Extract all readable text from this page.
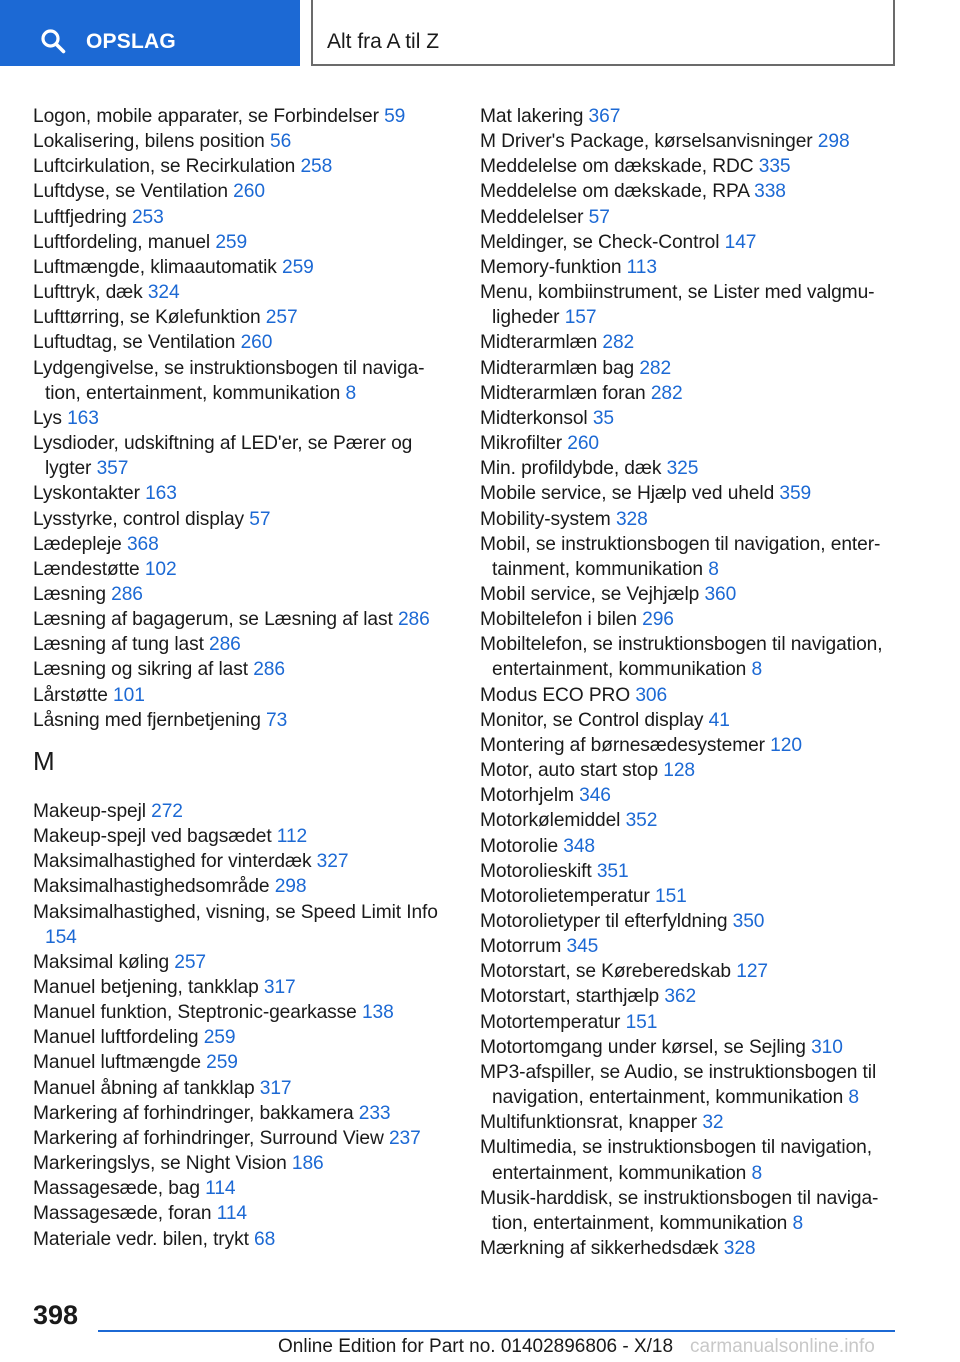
OPSLAG	Alt fra A til Z
Logon, mobile apparater, se Forbindelser 59
Lokalisering, bilens position 56
Luftcirkulation, se Recirkulation 258
Luftdyse, se Ventilation 260
Luftfjedring 253
Luftfordeling, manuel 259
Luftmængde, klimaautomatik 259
Lufttryk, dæk 324
Lufttørring, se Kølefunktion 257
Luftudtag, se Ventilation 260
Lydgengivelse, se instruktionsbogen til naviga‐tion, entertainment, kommunikation 8
Lys 163
Lysdioder, udskiftning af LED'er, se Pærer og lygter 357
Lyskontakter 163
Lysstyrke, control display 57
Lædepleje 368
Lændestøtte 102
Læsning 286
Læsning af bagagerum, se Læsning af last 286
Læsning af tung last 286
Læsning og sikring af last 286
Lårstøtte 101
Låsning med fjernbetjening 73
M
Makeup-spejl 272
Makeup-spejl ved bagsædet 112
Maksimalhastighed for vinterdæk 327
Maksimalhastighedsområde 298
Maksimalhastighed, visning, se Speed Limit Info 154
Maksimal køling 257
Manuel betjening, tankklap 317
Manuel funktion, Steptronic-gearkasse 138
Manuel luftfordeling 259
Manuel luftmængde 259
Manuel åbning af tankklap 317
Markering af forhindringer, bakkamera 233
Markering af forhindringer, Surround View 237
Markeringslys, se Night Vision 186
Massagesæde, bag 114
Massagesæde, foran 114
Materiale vedr. bilen, trykt 68
Mat lakering 367
M Driver's Package, kørselsanvisninger 298
Meddelelse om dækskade, RDC 335
Meddelelse om dækskade, RPA 338
Meddelelser 57
Meldinger, se Check-Control 147
Memory-funktion 113
Menu, kombiinstrument, se Lister med valgmu‐ligheder 157
Midterarmlæn 282
Midterarmlæn bag 282
Midterarmlæn foran 282
Midterkonsol 35
Mikrofilter 260
Min. profildybde, dæk 325
Mobile service, se Hjælp ved uheld 359
Mobility-system 328
Mobil, se instruktionsbogen til navigation, enter‐tainment, kommunikation 8
Mobil service, se Vejhjælp 360
Mobiltelefon i bilen 296
Mobiltelefon, se instruktionsbogen til navigation, entertainment, kommunikation 8
Modus ECO PRO 306
Monitor, se Control display 41
Montering af børnesædesystemer 120
Motor, auto start stop 128
Motorhjelm 346
Motorkølemiddel 352
Motorolie 348
Motorolieskift 351
Motorolietemperatur 151
Motorolietyper til efterfyldning 350
Motorrum 345
Motorstart, se Køreberedskab 127
Motorstart, starthjælp 362
Motortemperatur 151
Motortomgang under kørsel, se Sejling 310
MP3-afspiller, se Audio, se instruktionsbogen til navigation, entertainment, kommunikation 8
Multifunktionsrat, knapper 32
Multimedia, se instruktionsbogen til navigation, entertainment, kommunikation 8
Musik-harddisk, se instruktionsbogen til naviga‐tion, entertainment, kommunikation 8
Mærkning af sikkerhedsdæk 328
398
Online Edition for Part no. 01402896806 - X/18 carmanualsonline.info
